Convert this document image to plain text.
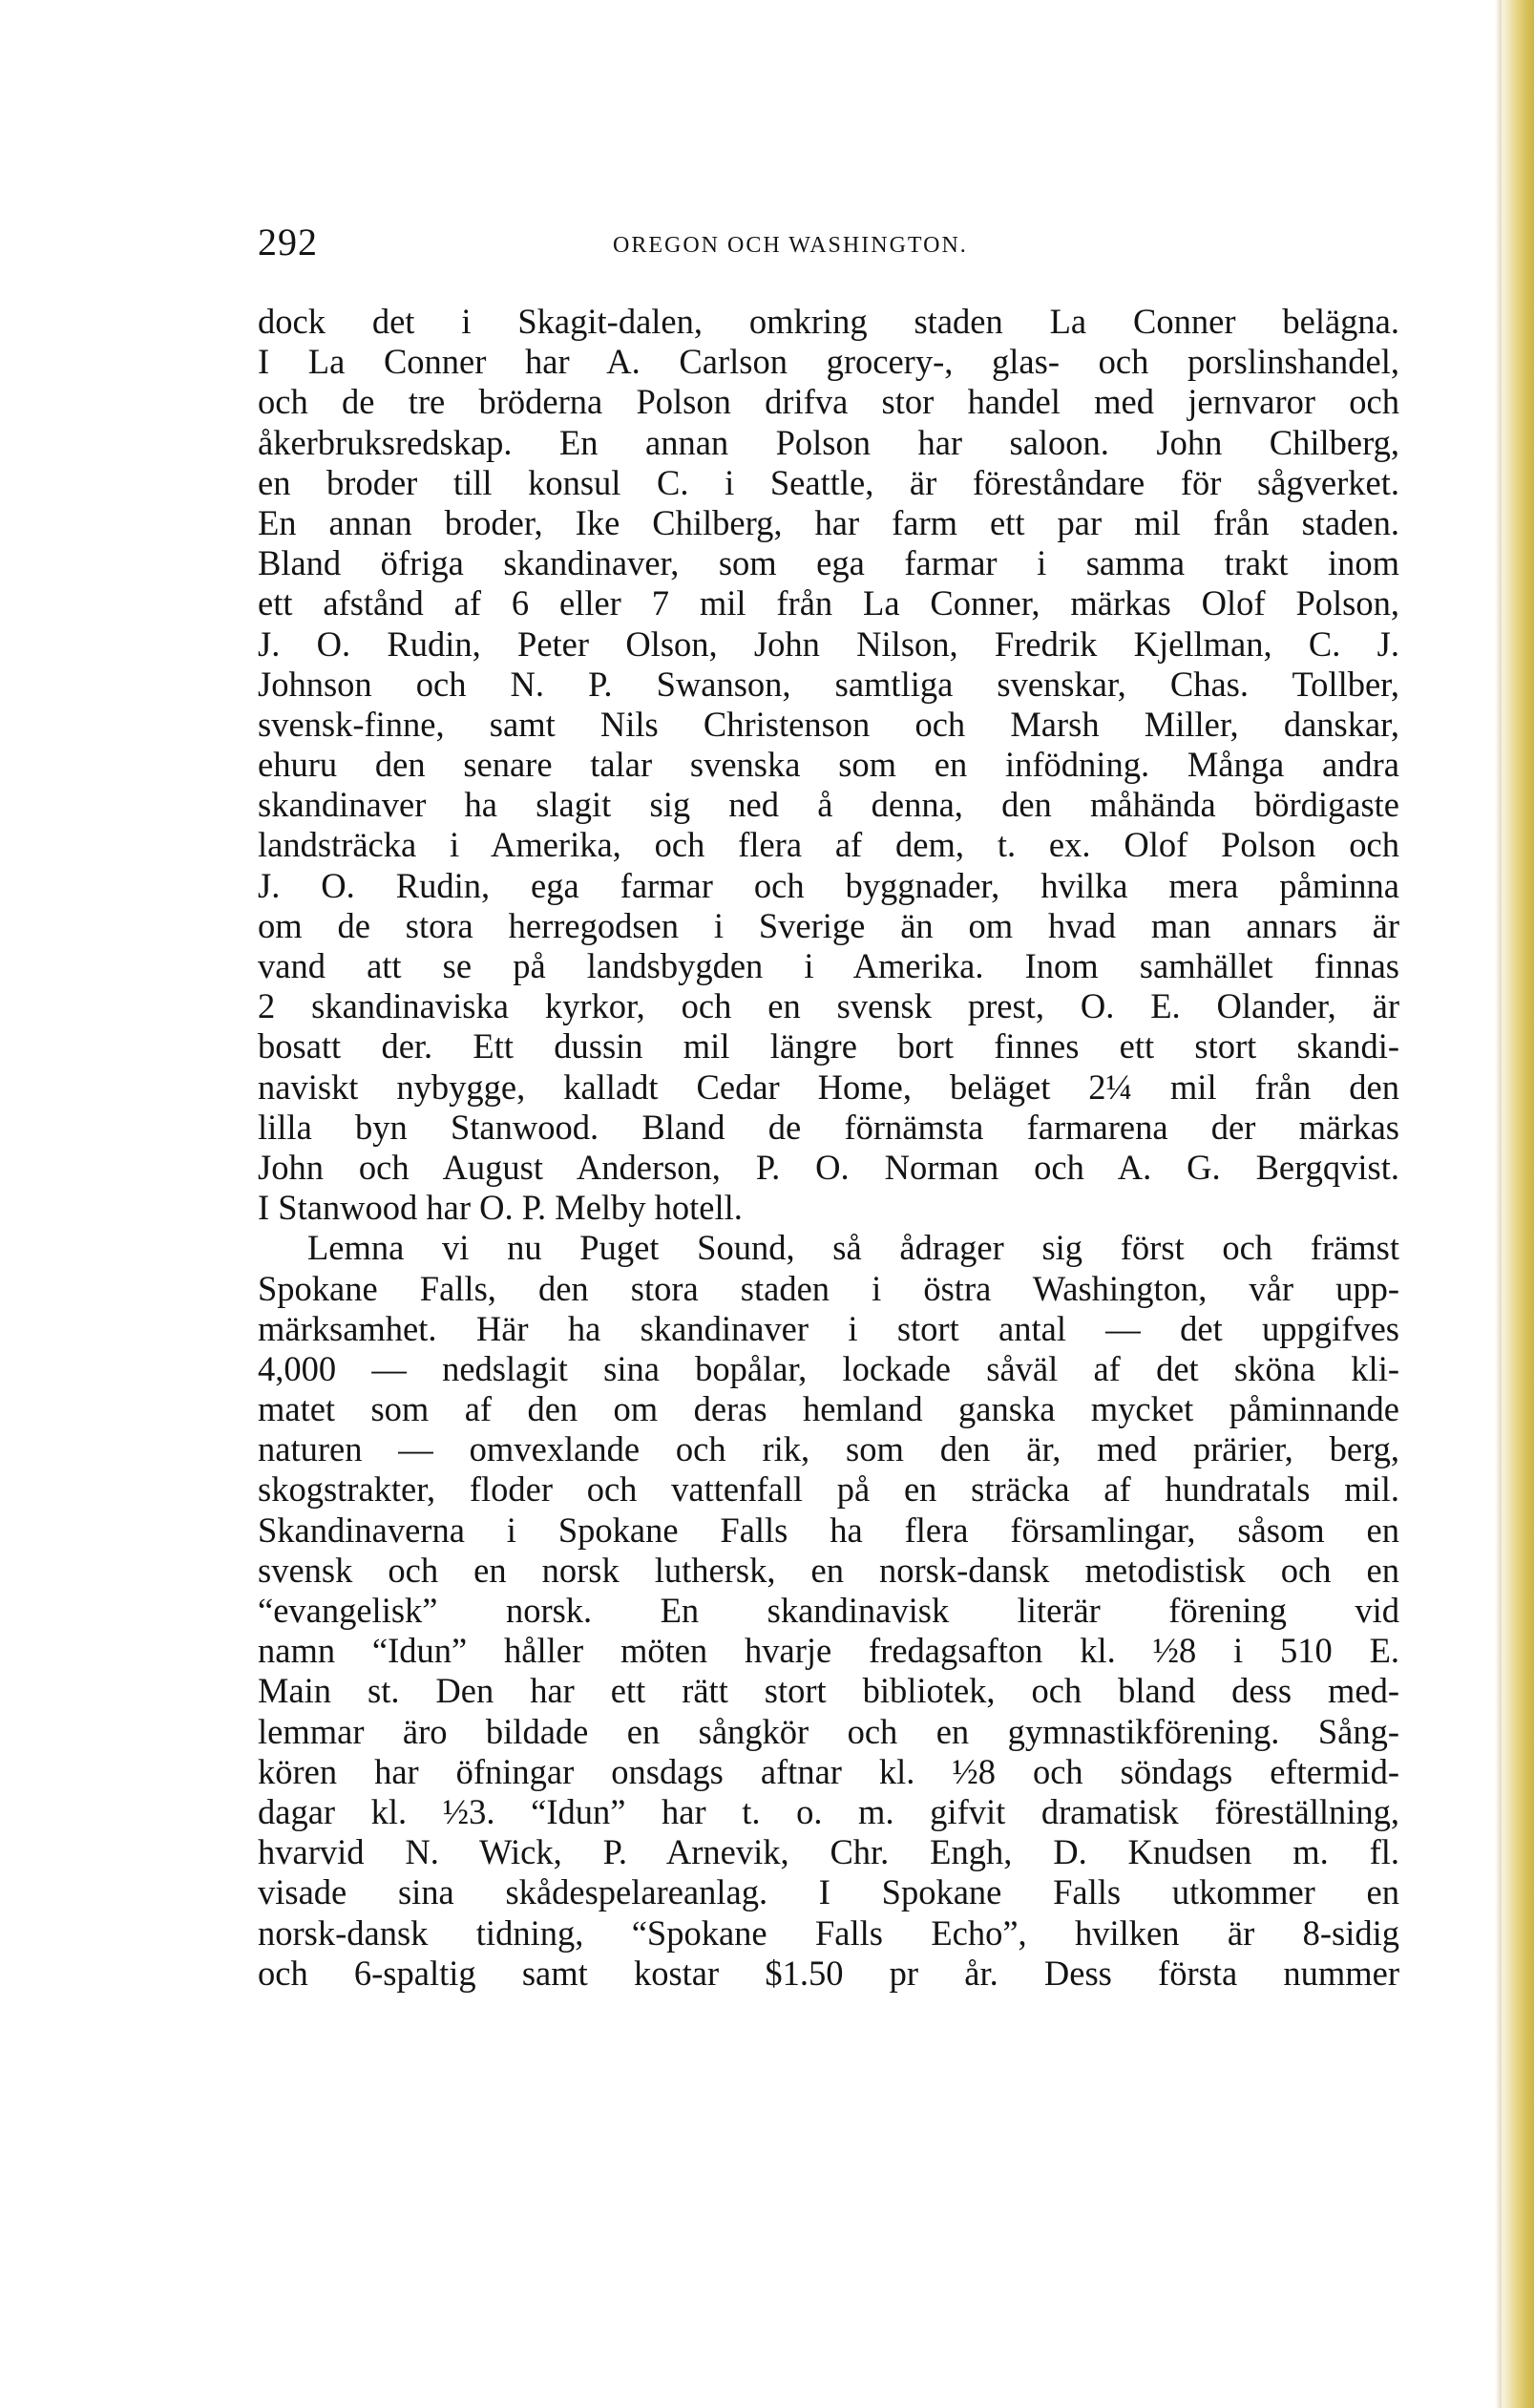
292	OREGON OCH WASHINGTON.
dock det i Skagit-dalen, omkring staden La Conner belägna.
I La Conner har A. Carlson grocery-, glas- och porslinshandel,
och de tre bröderna Polson drifva stor handel med jernvaror och
åkerbruksredskap. En annan Polson har saloon. John Chilberg,
en broder till konsul C. i Seattle, är föreståndare för sågverket.
En annan broder, Ike Chilberg, har farm ett par mil från staden.
Bland öfriga skandinaver, som ega farmar i samma trakt inom
ett afstånd af 6 eller 7 mil från La Conner, märkas Olof Polson,
J. O. Rudin, Peter Olson, John Nilson, Fredrik Kjellman, C. J.
Johnson och N. P. Swanson, samtliga svenskar, Chas. Tollber,
svensk-finne, samt Nils Christenson och Marsh Miller, danskar,
ehuru den senare talar svenska som en infödning. Många andra
skandinaver ha slagit sig ned å denna, den måhända bördigaste
landsträcka i Amerika, och flera af dem, t. ex. Olof Polson och
J. O. Rudin, ega farmar och byggnader, hvilka mera påminna
om de stora herregodsen i Sverige än om hvad man annars är
vand att se på landsbygden i Amerika. Inom samhället finnas
2 skandinaviska kyrkor, och en svensk prest, O. E. Olander, är
bosatt der. Ett dussin mil längre bort finnes ett stort skandi-
naviskt nybygge, kalladt Cedar Home, beläget 2¼ mil från den
lilla byn Stanwood. Bland de förnämsta farmarena der märkas
John och August Anderson, P. O. Norman och A. G. Bergqvist.
I Stanwood har O. P. Melby hotell.
Lemna vi nu Puget Sound, så ådrager sig först och främst
Spokane Falls, den stora staden i östra Washington, vår upp-
märksamhet. Här ha skandinaver i stort antal — det uppgifves
4,000 — nedslagit sina bopålar, lockade såväl af det sköna kli-
matet som af den om deras hemland ganska mycket påminnande
naturen — omvexlande och rik, som den är, med prärier, berg,
skogstrakter, floder och vattenfall på en sträcka af hundratals mil.
Skandinaverna i Spokane Falls ha flera församlingar, såsom en
svensk och en norsk luthersk, en norsk-dansk metodistisk och en
“evangelisk” norsk. En skandinavisk literär förening vid
namn “Idun” håller möten hvarje fredagsafton kl. ½8 i 510 E.
Main st. Den har ett rätt stort bibliotek, och bland dess med-
lemmar äro bildade en sångkör och en gymnastikförening. Sång-
kören har öfningar onsdags aftnar kl. ½8 och söndags eftermid-
dagar kl. ½3. “Idun” har t. o. m. gifvit dramatisk föreställning,
hvarvid N. Wick, P. Arnevik, Chr. Engh, D. Knudsen m. fl.
visade sina skådespelareanlag. I Spokane Falls utkommer en
norsk-dansk tidning, “Spokane Falls Echo”, hvilken är 8-sidig
och 6-spaltig samt kostar $1.50 pr år. Dess första nummer
